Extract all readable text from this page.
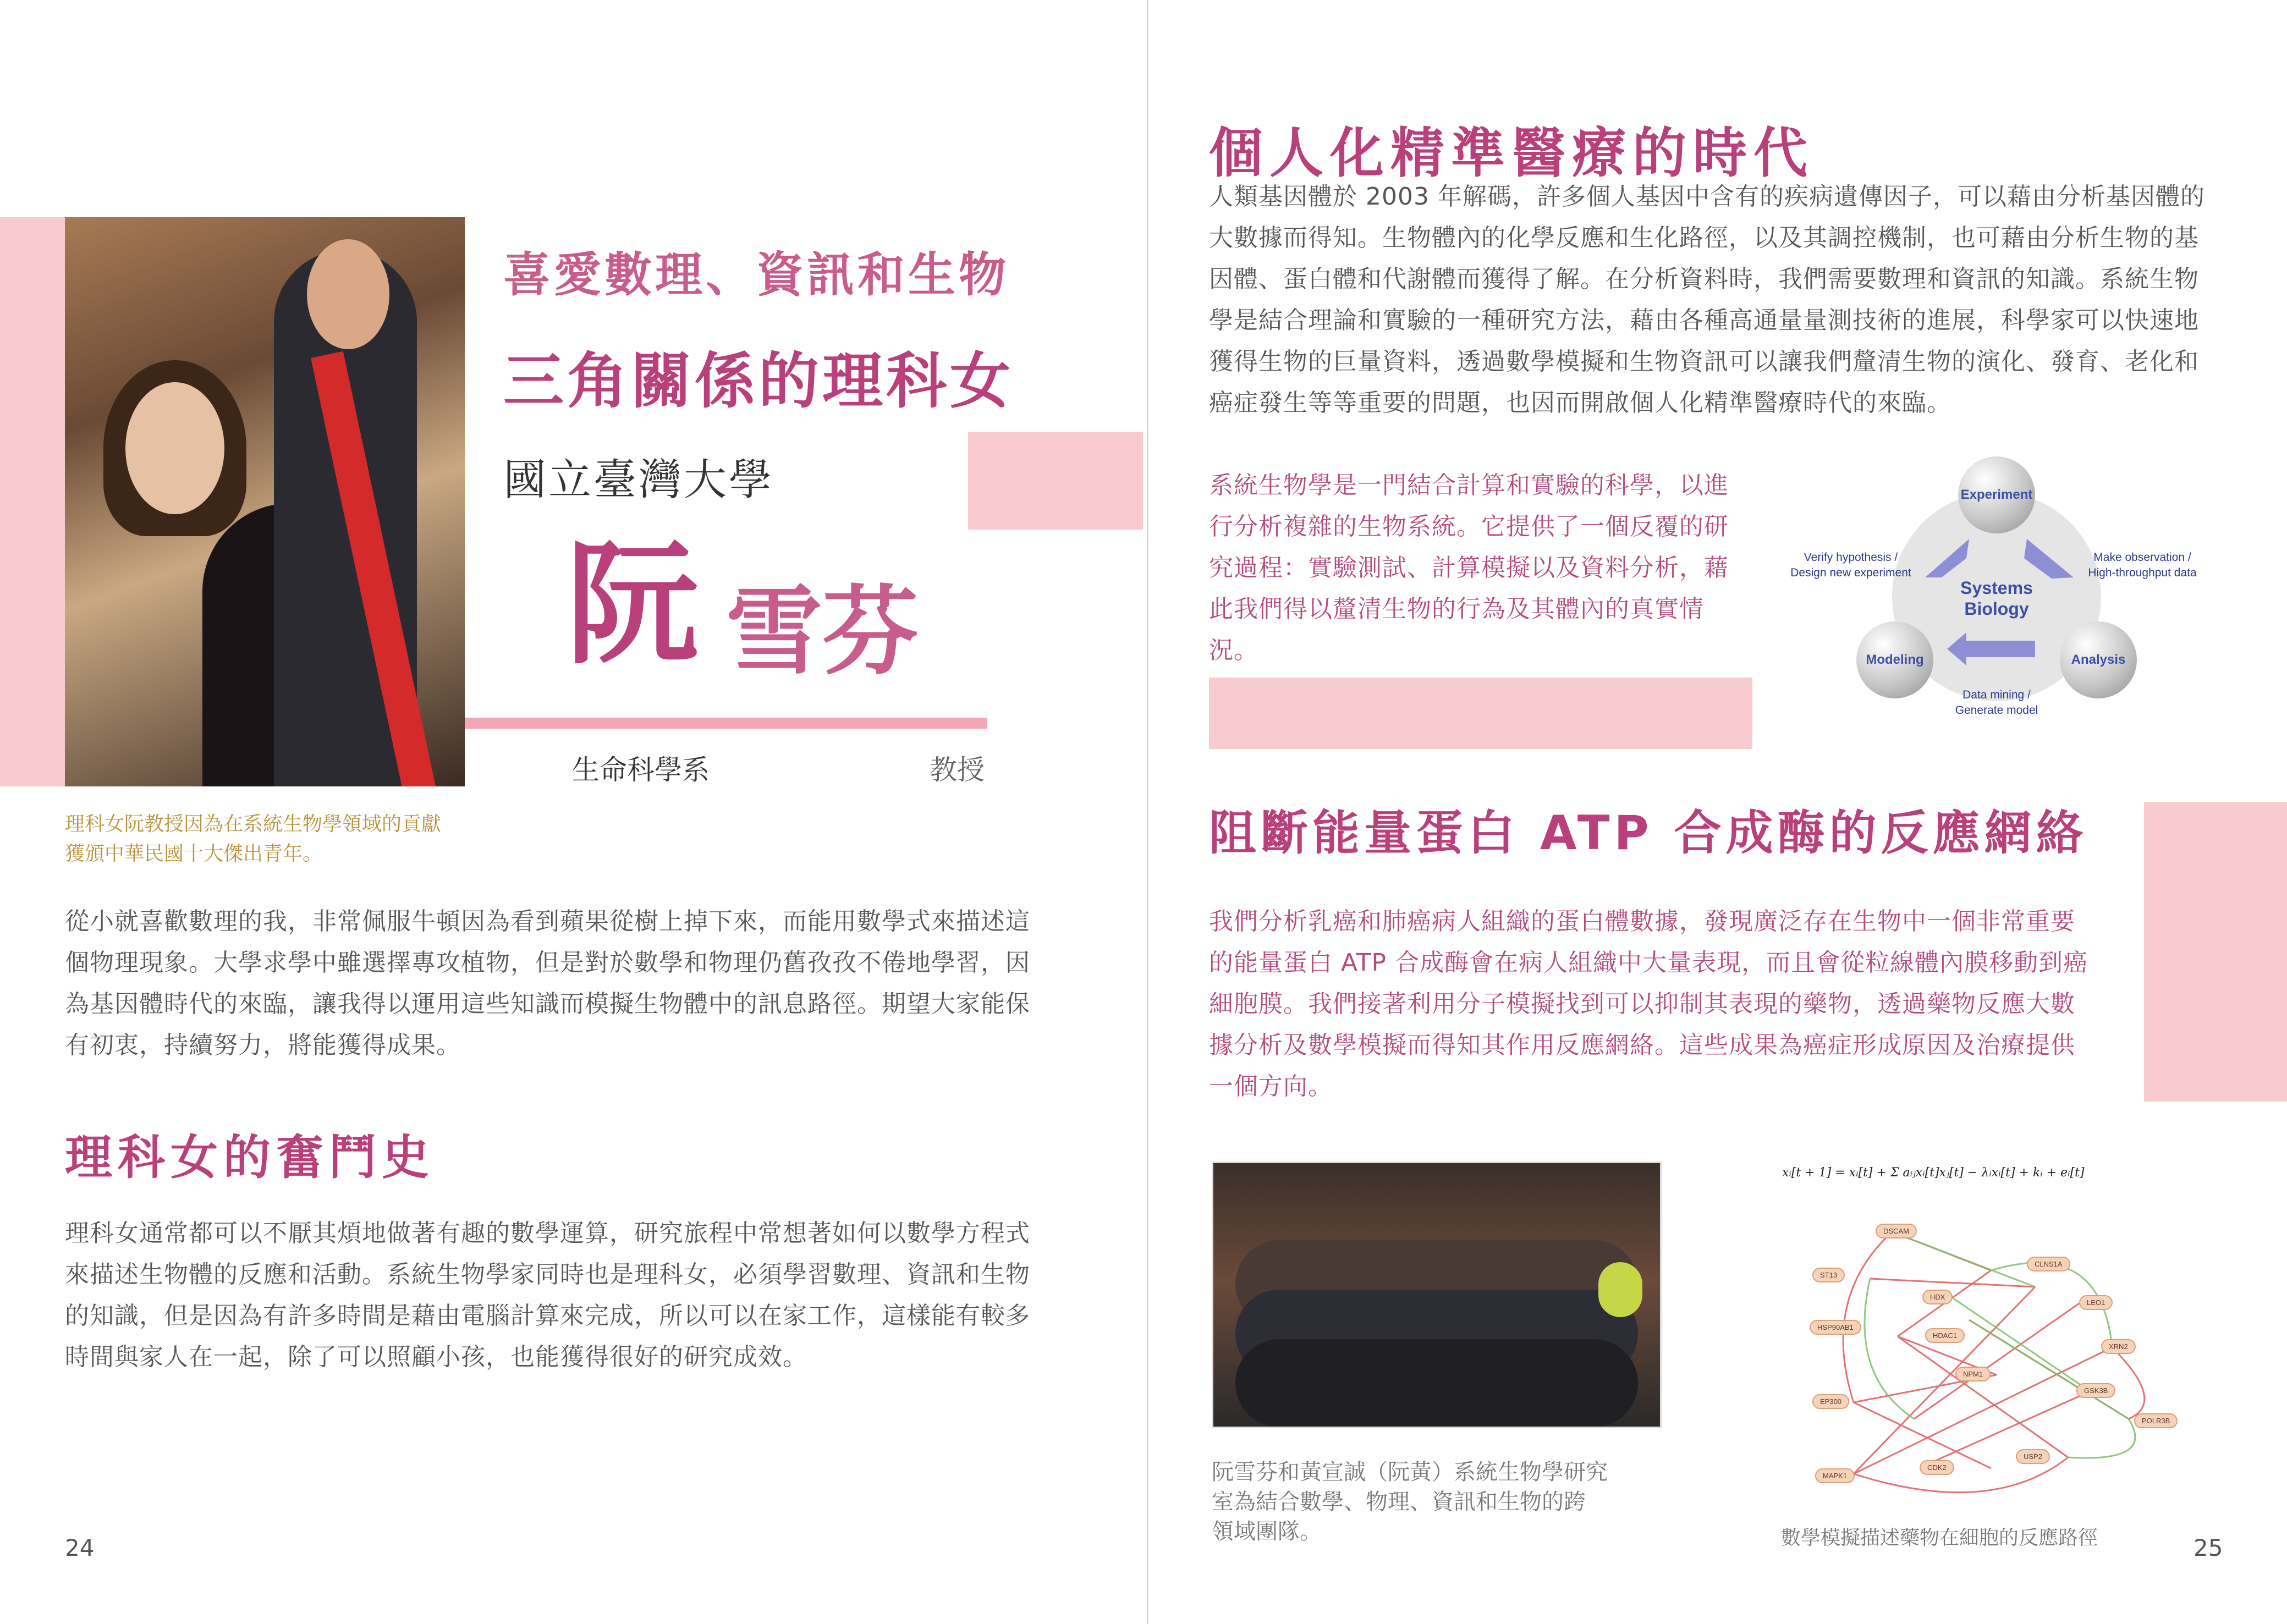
喜愛數理、資訊和生物
三角關係的理科女
國立臺灣大學
阮 雪芬
生命科學系	教授
理科女阮教授因為在系統生物學領域的貢獻
獲頒中華民國十大傑出青年。
從小就喜歡數理的我，非常佩服牛頓因為看到蘋果從樹上掉下來，而能用數學式來描述這
個物理現象。大學求學中雖選擇專攻植物，但是對於數學和物理仍舊孜孜不倦地學習，因
為基因體時代的來臨，讓我得以運用這些知識而模擬生物體中的訊息路徑。期望大家能保
有初衷，持續努力，將能獲得成果。
理科女的奮鬥史
理科女通常都可以不厭其煩地做著有趣的數學運算，研究旅程中常想著如何以數學方程式
來描述生物體的反應和活動。系統生物學家同時也是理科女，必須學習數理、資訊和生物
的知識，但是因為有許多時間是藉由電腦計算來完成，所以可以在家工作，這樣能有較多
時間與家人在一起，除了可以照顧小孩，也能獲得很好的研究成效。
24
個人化精準醫療的時代
人類基因體於 2003 年解碼，許多個人基因中含有的疾病遺傳因子，可以藉由分析基因體的
大數據而得知。生物體內的化學反應和生化路徑，以及其調控機制，也可藉由分析生物的基
因體、蛋白體和代謝體而獲得了解。在分析資料時，我們需要數理和資訊的知識。系統生物
學是結合理論和實驗的一種研究方法，藉由各種高通量量測技術的進展，科學家可以快速地
獲得生物的巨量資料，透過數學模擬和生物資訊可以讓我們釐清生物的演化、發育、老化和
癌症發生等等重要的問題，也因而開啟個人化精準醫療時代的來臨。
系統生物學是一門結合計算和實驗的科學，以進
行分析複雜的生物系統。它提供了一個反覆的研
究過程：實驗測試、計算模擬以及資料分析，藉
此我們得以釐清生物的行為及其體內的真實情
況。
Experiment
Modeling	Analysis
Systems
Biology
Verify hypothesis /
Design new experiment
Make observation /
High-throughput data
Data mining /
Generate model
阻斷能量蛋白 ATP 合成酶的反應網絡
我們分析乳癌和肺癌病人組織的蛋白體數據，發現廣泛存在生物中一個非常重要
的能量蛋白 ATP 合成酶會在病人組織中大量表現，而且會從粒線體內膜移動到癌
細胞膜。我們接著利用分子模擬找到可以抑制其表現的藥物，透過藥物反應大數
據分析及數學模擬而得知其作用反應網絡。這些成果為癌症形成原因及治療提供
一個方向。
阮雪芬和黃宣誠（阮黃）系統生物學研究
室為結合數學、物理、資訊和生物的跨
領域團隊。
xᵢ[t + 1] = xᵢ[t] + Σ aᵢⱼxᵢ[t]xⱼ[t] − λᵢxᵢ[t] + kᵢ + eᵢ[t]
DSCAM
CLNS1A
ST13
HDX
LEO1
HSP90AB1
HDAC1
XRN2
NPM1
GSK3B
EP300
POLR3B
USP2
CDK2
MAPK1
數學模擬描述藥物在細胞的反應路徑	25
